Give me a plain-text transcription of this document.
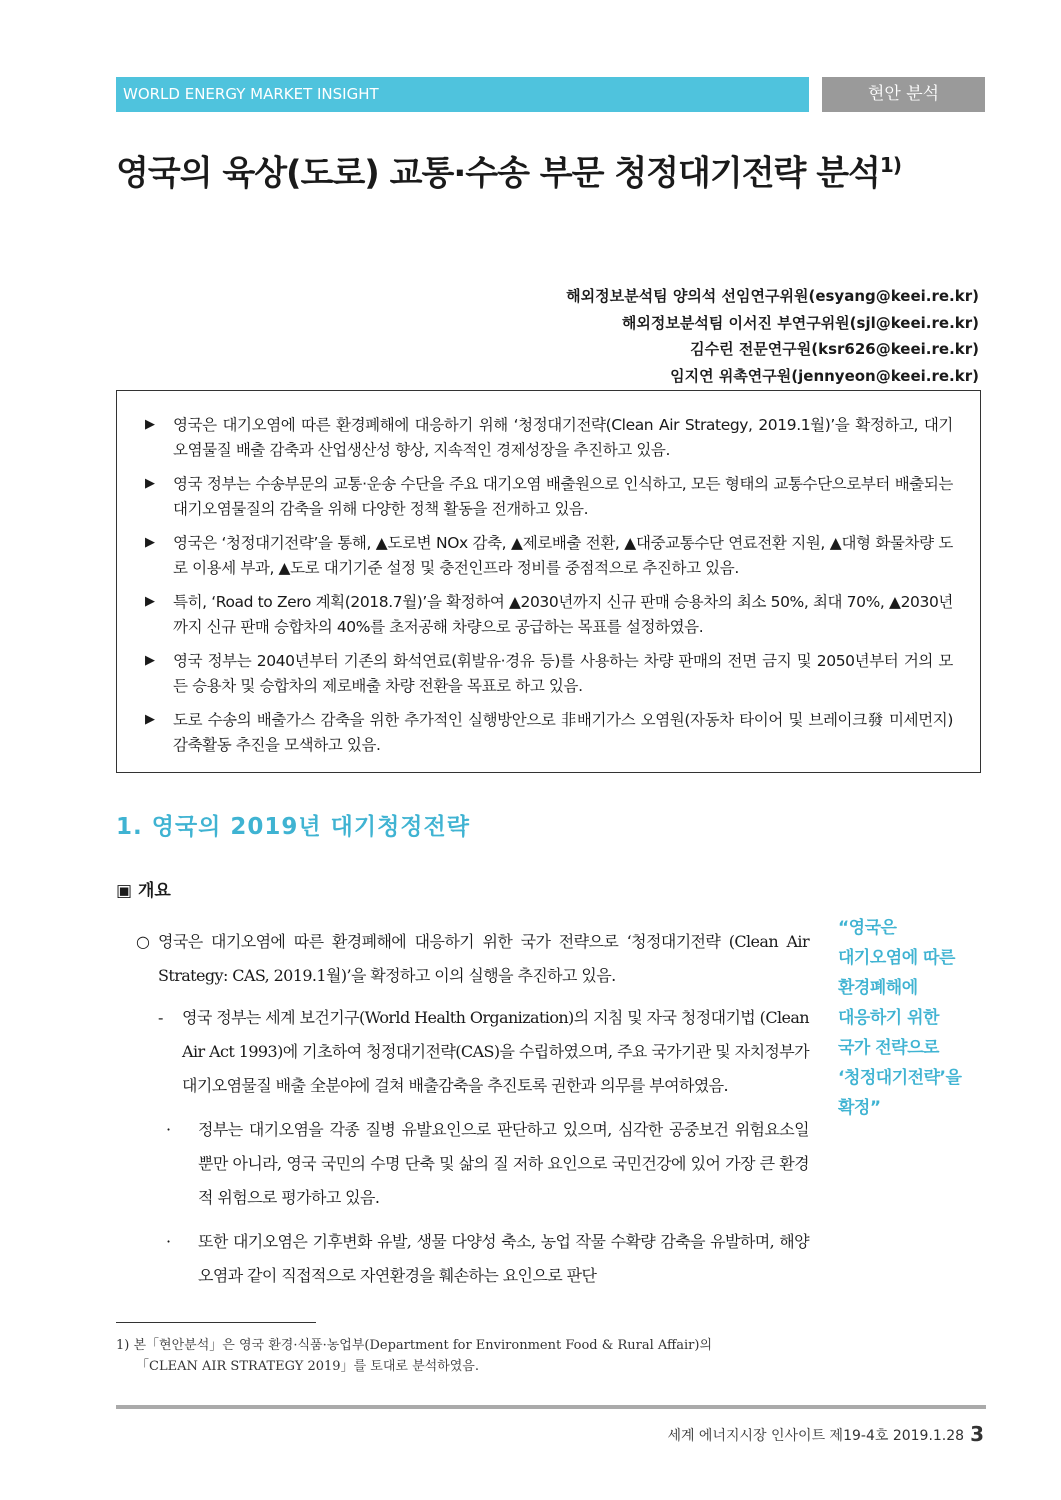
WORLD ENERGY MARKET INSIGHT	현안 분석
영국의 육상(도로) 교통·수송 부문 청정대기전략 분석$^{1)}$
해외정보분석팀 양의석 선임연구위원(esyang@keei.re.kr)
해외정보분석팀 이서진 부연구위원(sjl@keei.re.kr)
김수린 전문연구원(ksr626@keei.re.kr)
임지연 위촉연구원(jennyeon@keei.re.kr)
▶	영국은 대기오염에 따른 환경폐해에 대응하기 위해 ‘청정대기전략(Clean Air Strategy, 2019.1월)’을 확정하고, 대기오염물질 배출 감축과 산업생산성 향상, 지속적인 경제성장을 추진하고 있음.
▶	영국 정부는 수송부문의 교통·운송 수단을 주요 대기오염 배출원으로 인식하고, 모든 형태의 교통수단으로부터 배출되는 대기오염물질의 감축을 위해 다양한 정책 활동을 전개하고 있음.
▶	영국은 ‘청정대기전략’을 통해, ▲도로변 NOx 감축, ▲제로배출 전환, ▲대중교통수단 연료전환 지원, ▲대형 화물차량 도로 이용세 부과, ▲도로 대기기준 설정 및 충전인프라 정비를 중점적으로 추진하고 있음.
▶	특히, ‘Road to Zero 계획(2018.7월)’을 확정하여 ▲2030년까지 신규 판매 승용차의 최소 50%, 최대 70%, ▲2030년까지 신규 판매 승합차의 40%를 초저공해 차량으로 공급하는 목표를 설정하였음.
▶	영국 정부는 2040년부터 기존의 화석연료(휘발유·경유 등)를 사용하는 차량 판매의 전면 금지 및 2050년부터 거의 모든 승용차 및 승합차의 제로배출 차량 전환을 목표로 하고 있음.
▶	도로 수송의 배출가스 감축을 위한 추가적인 실행방안으로 非배기가스 오염원(자동차 타이어 및 브레이크發 미세먼지) 감축활동 추진을 모색하고 있음.
1. 영국의 2019년 대기청정전략
▣ 개요
○ 영국은 대기오염에 따른 환경폐해에 대응하기 위한 국가 전략으로 ‘청정대기전략 (Clean Air Strategy: CAS, 2019.1월)’을 확정하고 이의 실행을 추진하고 있음.
-	영국 정부는 세계 보건기구(World Health Organization)의 지침 및 자국 청정대기법 (Clean Air Act 1993)에 기초하여 청정대기전략(CAS)을 수립하였으며, 주요 국가기관 및 자치정부가 대기오염물질 배출 全분야에 걸쳐 배출감축을 추진토록 권한과 의무를 부여하였음.
·	정부는 대기오염을 각종 질병 유발요인으로 판단하고 있으며, 심각한 공중보건 위험요소일 뿐만 아니라, 영국 국민의 수명 단축 및 삶의 질 저하 요인으로 국민건강에 있어 가장 큰 환경적 위험으로 평가하고 있음.
·	또한 대기오염은 기후변화 유발, 생물 다양성 축소, 농업 작물 수확량 감축을 유발하며, 해양 오염과 같이 직접적으로 자연환경을 훼손하는 요인으로 판단
“영국은
대기오염에 따른
환경폐해에
대응하기 위한
국가 전략으로
‘청정대기전략’을
확정”
1) 본「현안분석」은 영국 환경·식품·농업부(Department for Environment Food & Rural Affair)의
「CLEAN AIR STRATEGY 2019」를 토대로 분석하였음.
세계 에너지시장 인사이트 제19-4호 2019.1.28 3
